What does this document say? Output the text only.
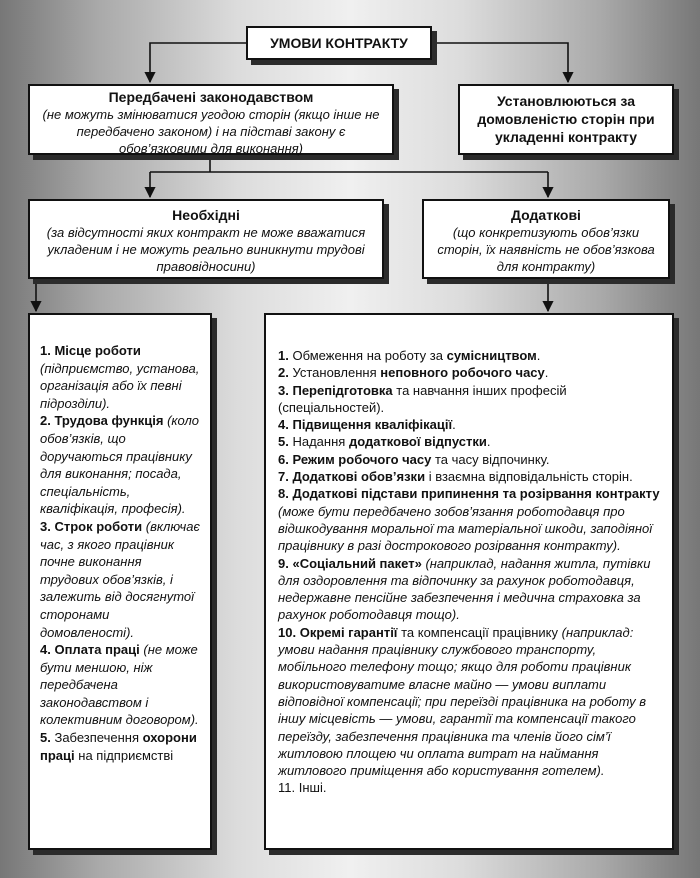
УМОВИ КОНТРАКТУ
Передбачені законодавством
(не можуть змінюватися угодою сторін (якщо інше не передбачено законом) і на підставі закону є обов’язковими для виконання)
Установлюються за домовленістю сторін при укладенні контракту
Необхідні
(за відсутності яких контракт не може вважатися укладеним і не можуть реально виникнути трудові правовідносини)
Додаткові
(що конкретизують обов’язки сторін, їх наявність не обов’язкова для контракту)
1. Місце роботи (підприємство, установа, організація або їх певні підрозділи).
2. Трудова функція (коло обов’язків, що доручаються працівнику для виконання; посада, спеціальність, кваліфікація, професія).
3. Строк роботи (включає час, з якого працівник почне виконання трудових обов’язків, і залежить від досягнутої сторонами домовленості).
4. Оплата праці (не може бути меншою, ніж передбачена законодавством і колективним договором).
5. Забезпечення охорони праці на підприємстві
1. Обмеження на роботу за сумісництвом.
2. Установлення неповного робочого часу.
3. Перепідготовка та навчання інших професій (спеціальностей).
4. Підвищення кваліфікації.
5. Надання додаткової відпустки.
6. Режим робочого часу та часу відпочинку.
7. Додаткові обов’язки і взаємна відповідальність сторін.
8. Додаткові підстави припинення та розірвання контракту (може бути передбачено зобов’язання роботодавця про відшкодування моральної та матеріальної шкоди, заподіяної працівнику в разі дострокового розірвання контракту).
9. «Соціальний пакет» (наприклад, надання житла, путівки для оздоровлення та відпочинку за рахунок роботодавця, недержавне пенсійне забезпечення і медична страховка за рахунок роботодавця тощо).
10. Окремі гарантії та компенсації працівнику (наприклад: умови надання працівнику службового транспорту, мобільного телефону тощо; якщо для роботи працівник використовуватиме власне майно — умови виплати відповідної компенсації; при переїзді працівника на роботу в іншу місцевість — умови, гарантії та компенсації такого переїзду, забезпечення працівника та членів його сім’ї житловою площею чи оплата витрат на наймання житлового приміщення або користування готелем).
11. Інші.
